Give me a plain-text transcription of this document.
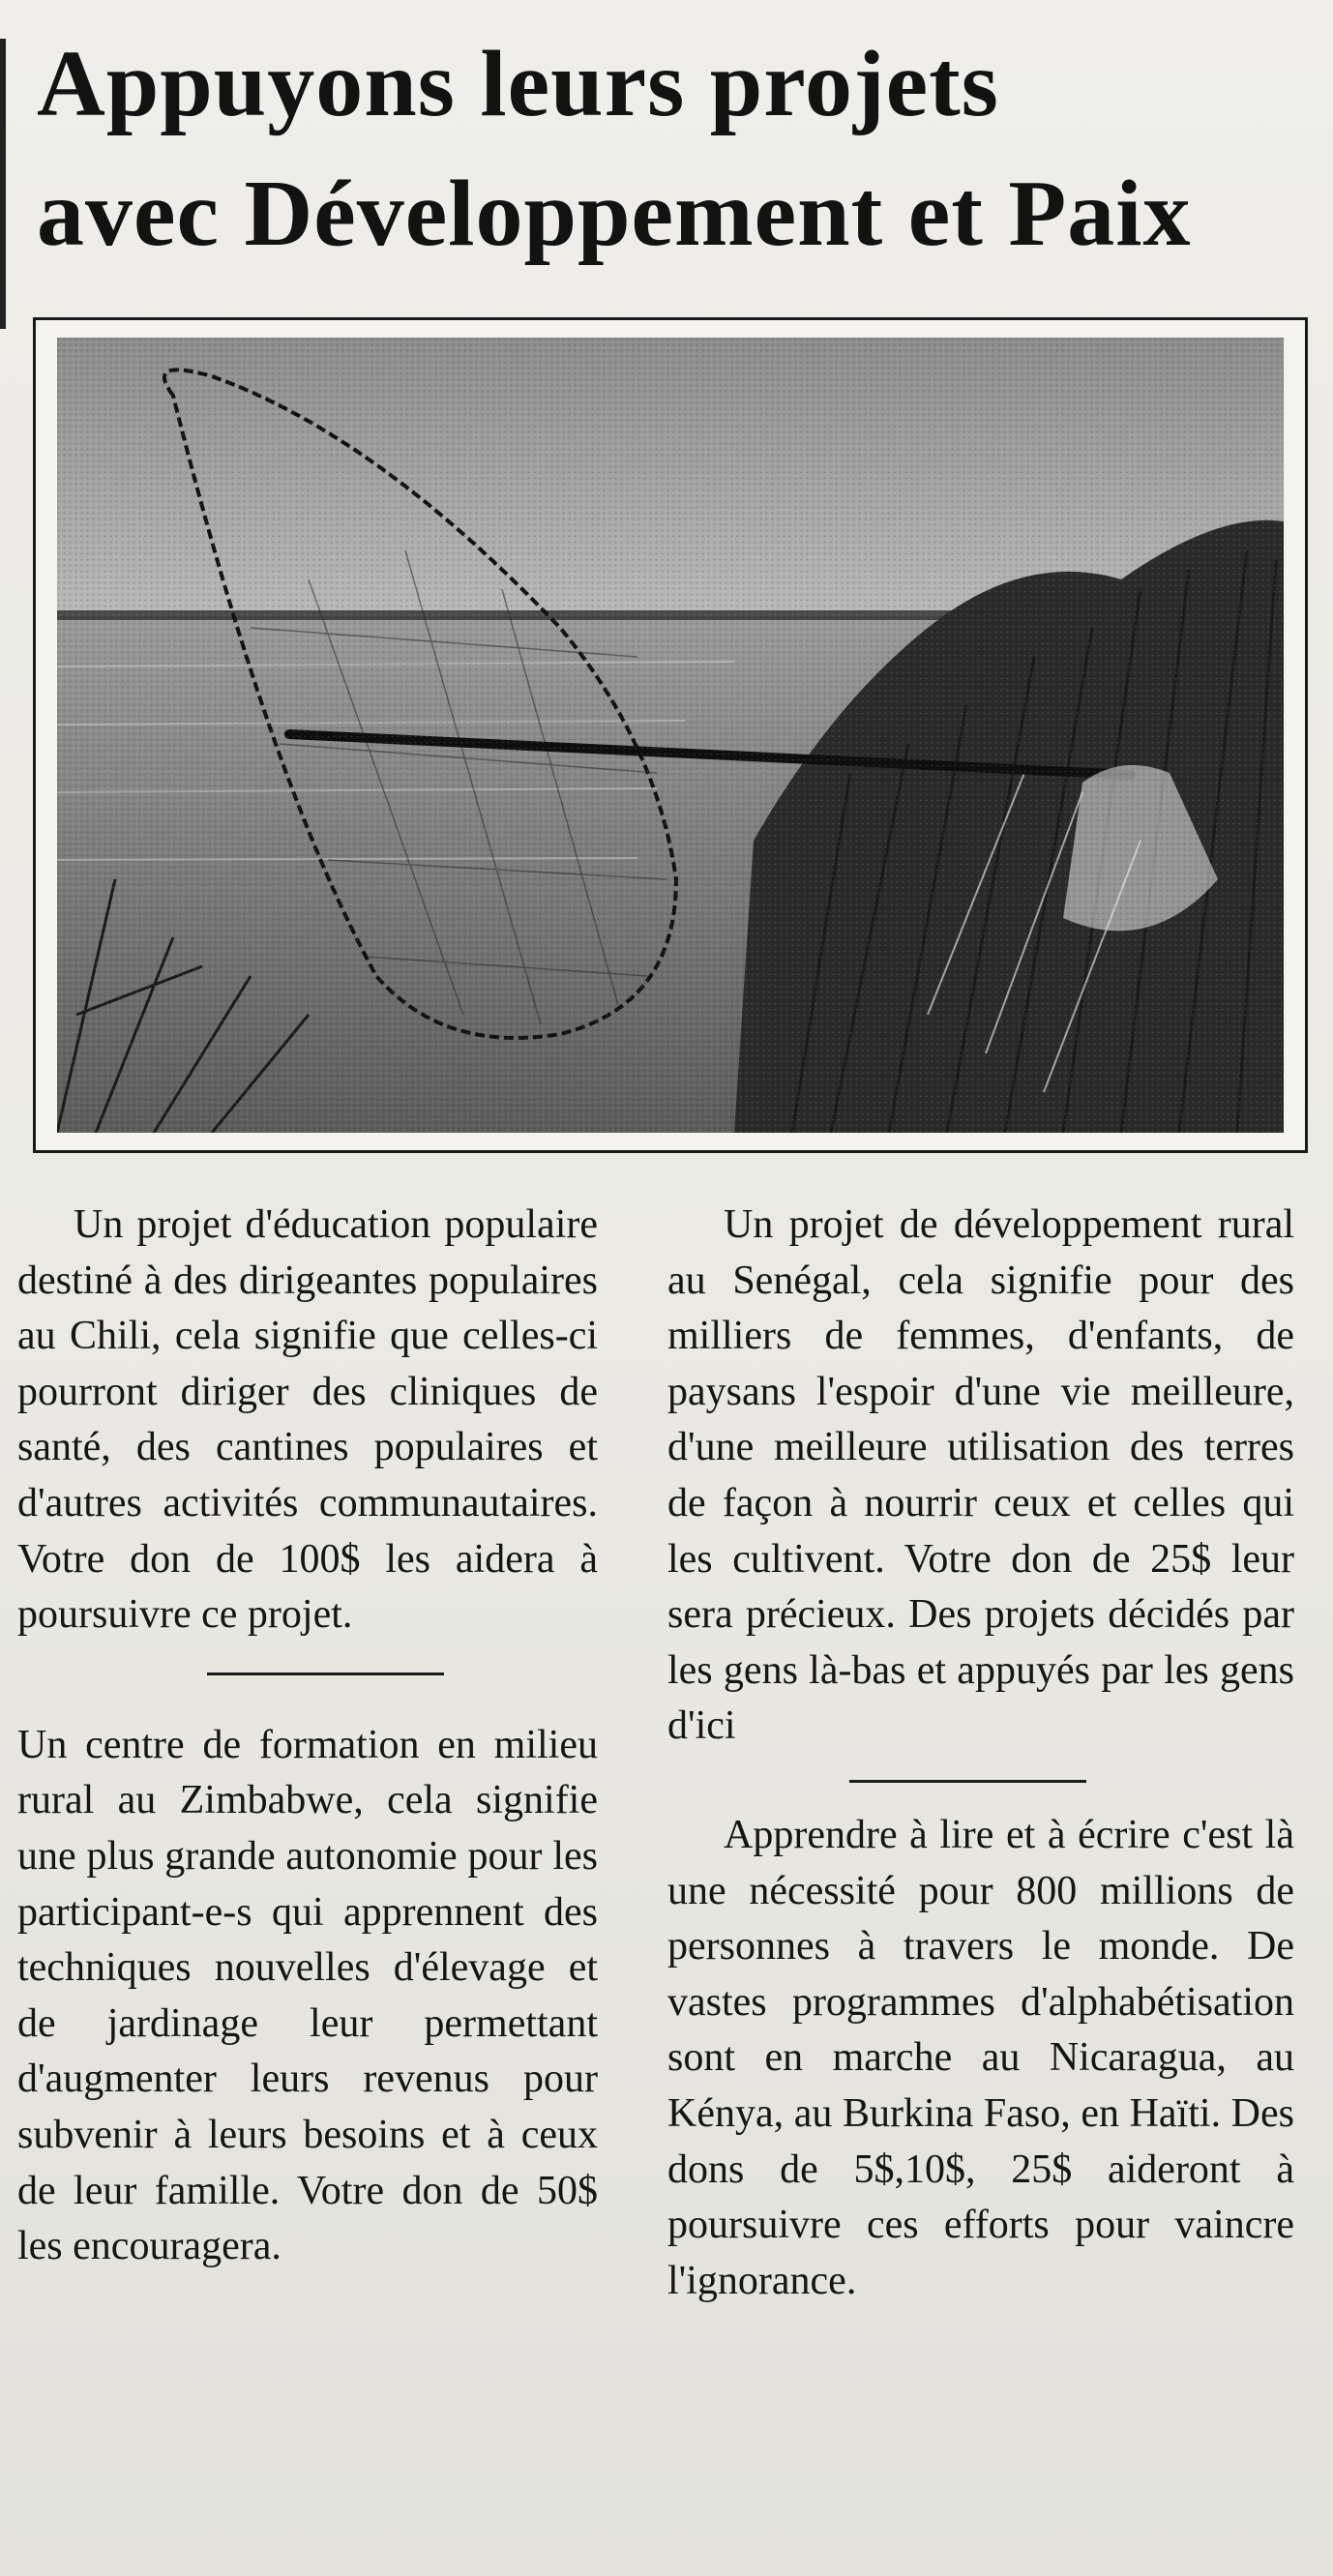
Appuyons leurs projets
avec Développement et Paix

Un projet d'éducation populaire destiné à des dirigeantes populaires au Chili, cela signifie que celles-ci pourront diriger des cliniques de santé, des cantines populaires et d'autres activités communautaires. Votre don de 100$ les aidera à poursuivre ce projet.

Un centre de formation en milieu rural au Zimbabwe, cela signifie une plus grande autonomie pour les participant-e-s qui apprennent des techniques nouvelles d'élevage et de jardinage leur permettant d'augmenter leurs revenus pour subvenir à leurs besoins et à ceux de leur famille. Votre don de 50$ les encouragera.

Un projet de développement rural au Senégal, cela signifie pour des milliers de femmes, d'enfants, de paysans l'espoir d'une vie meilleure, d'une meilleure utilisation des terres de façon à nourrir ceux et celles qui les cultivent. Votre don de 25$ leur sera précieux. Des projets décidés par les gens là-bas et appuyés par les gens d'ici

Apprendre à lire et à écrire c'est là une nécessité pour 800 millions de personnes à travers le monde. De vastes programmes d'alphabétisation sont en marche au Nicaragua, au Kénya, au Burkina Faso, en Haïti. Des dons de 5$,10$, 25$ aideront à poursuivre ces efforts pour vaincre l'ignorance.
